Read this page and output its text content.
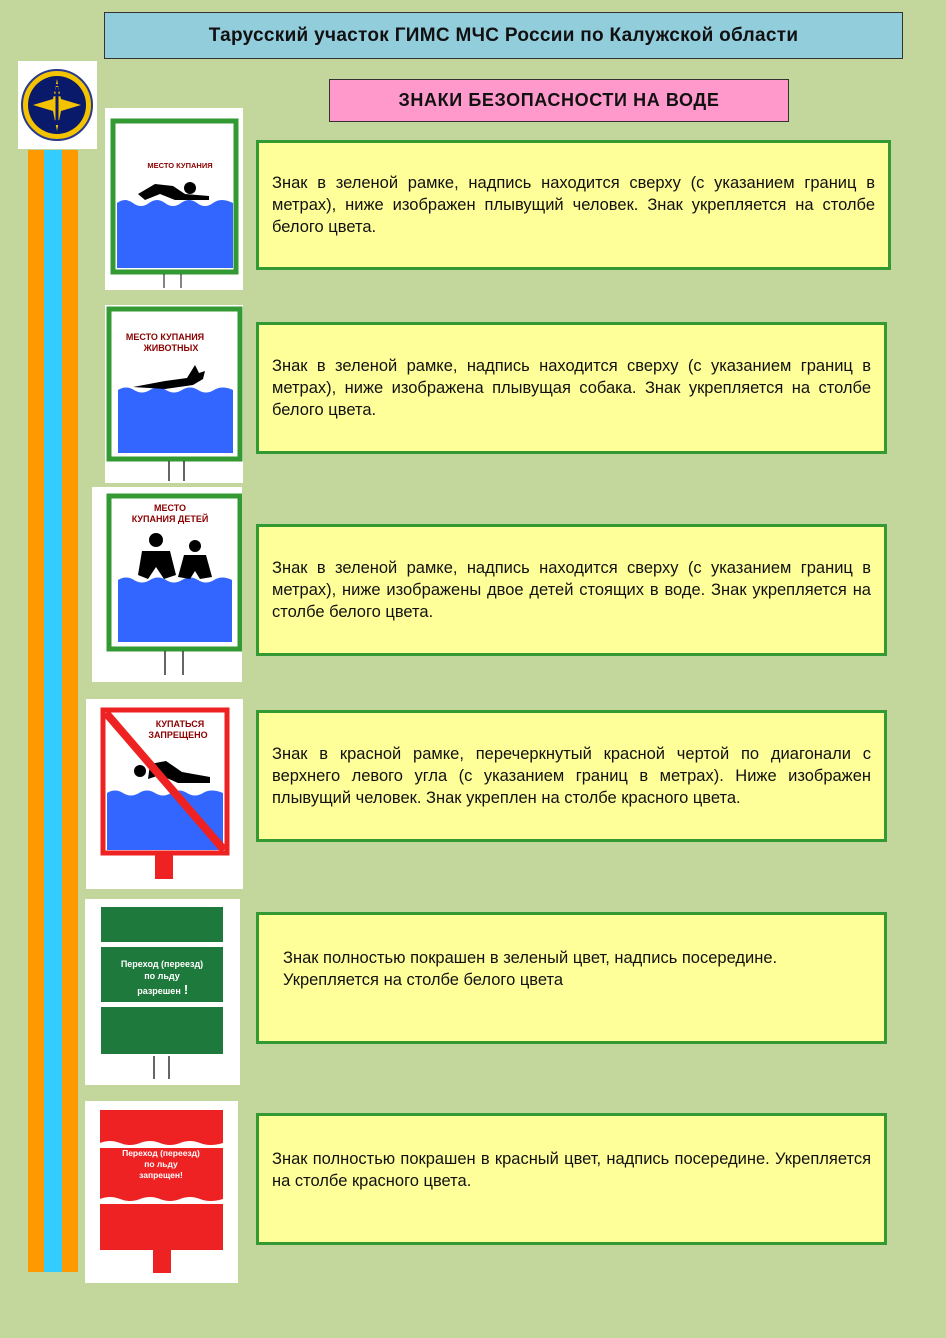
Тарусский участок ГИМС МЧС России по Калужской области
ЗНАКИ БЕЗОПАСНОСТИ НА ВОДЕ
МЕСТО КУПАНИЯ
МЕСТО КУПАНИЯ
ЖИВОТНЫХ
МЕСТО
КУПАНИЯ ДЕТЕЙ
КУПАТЬСЯ
ЗАПРЕЩЕНО
Переход (переезд)
по льду
разрешен !
Переход (переезд)
по льду
запрещен!
Знак в зеленой рамке, надпись находится сверху (с указанием границ в метрах), ниже изображен плывущий человек. Знак укрепляется на столбе белого цвета.
Знак в зеленой рамке, надпись находится сверху (с указанием границ в метрах), ниже изображена плывущая собака. Знак укрепляется на столбе белого цвета.
Знак в зеленой рамке, надпись находится сверху (с указанием границ в метрах), ниже изображены двое детей стоящих в воде. Знак укрепляется на столбе белого цвета.
Знак в красной рамке, перечеркнутый красной чертой по диагонали с верхнего левого угла (с указанием границ в метрах). Ниже изображен плывущий человек. Знак укреплен на столбе красного цвета.
Знак полностью покрашен в зеленый цвет, надпись посередине. Укрепляется на столбе белого цвета
Знак полностью покрашен в красный цвет, надпись посередине. Укрепляется на столбе красного цвета.
